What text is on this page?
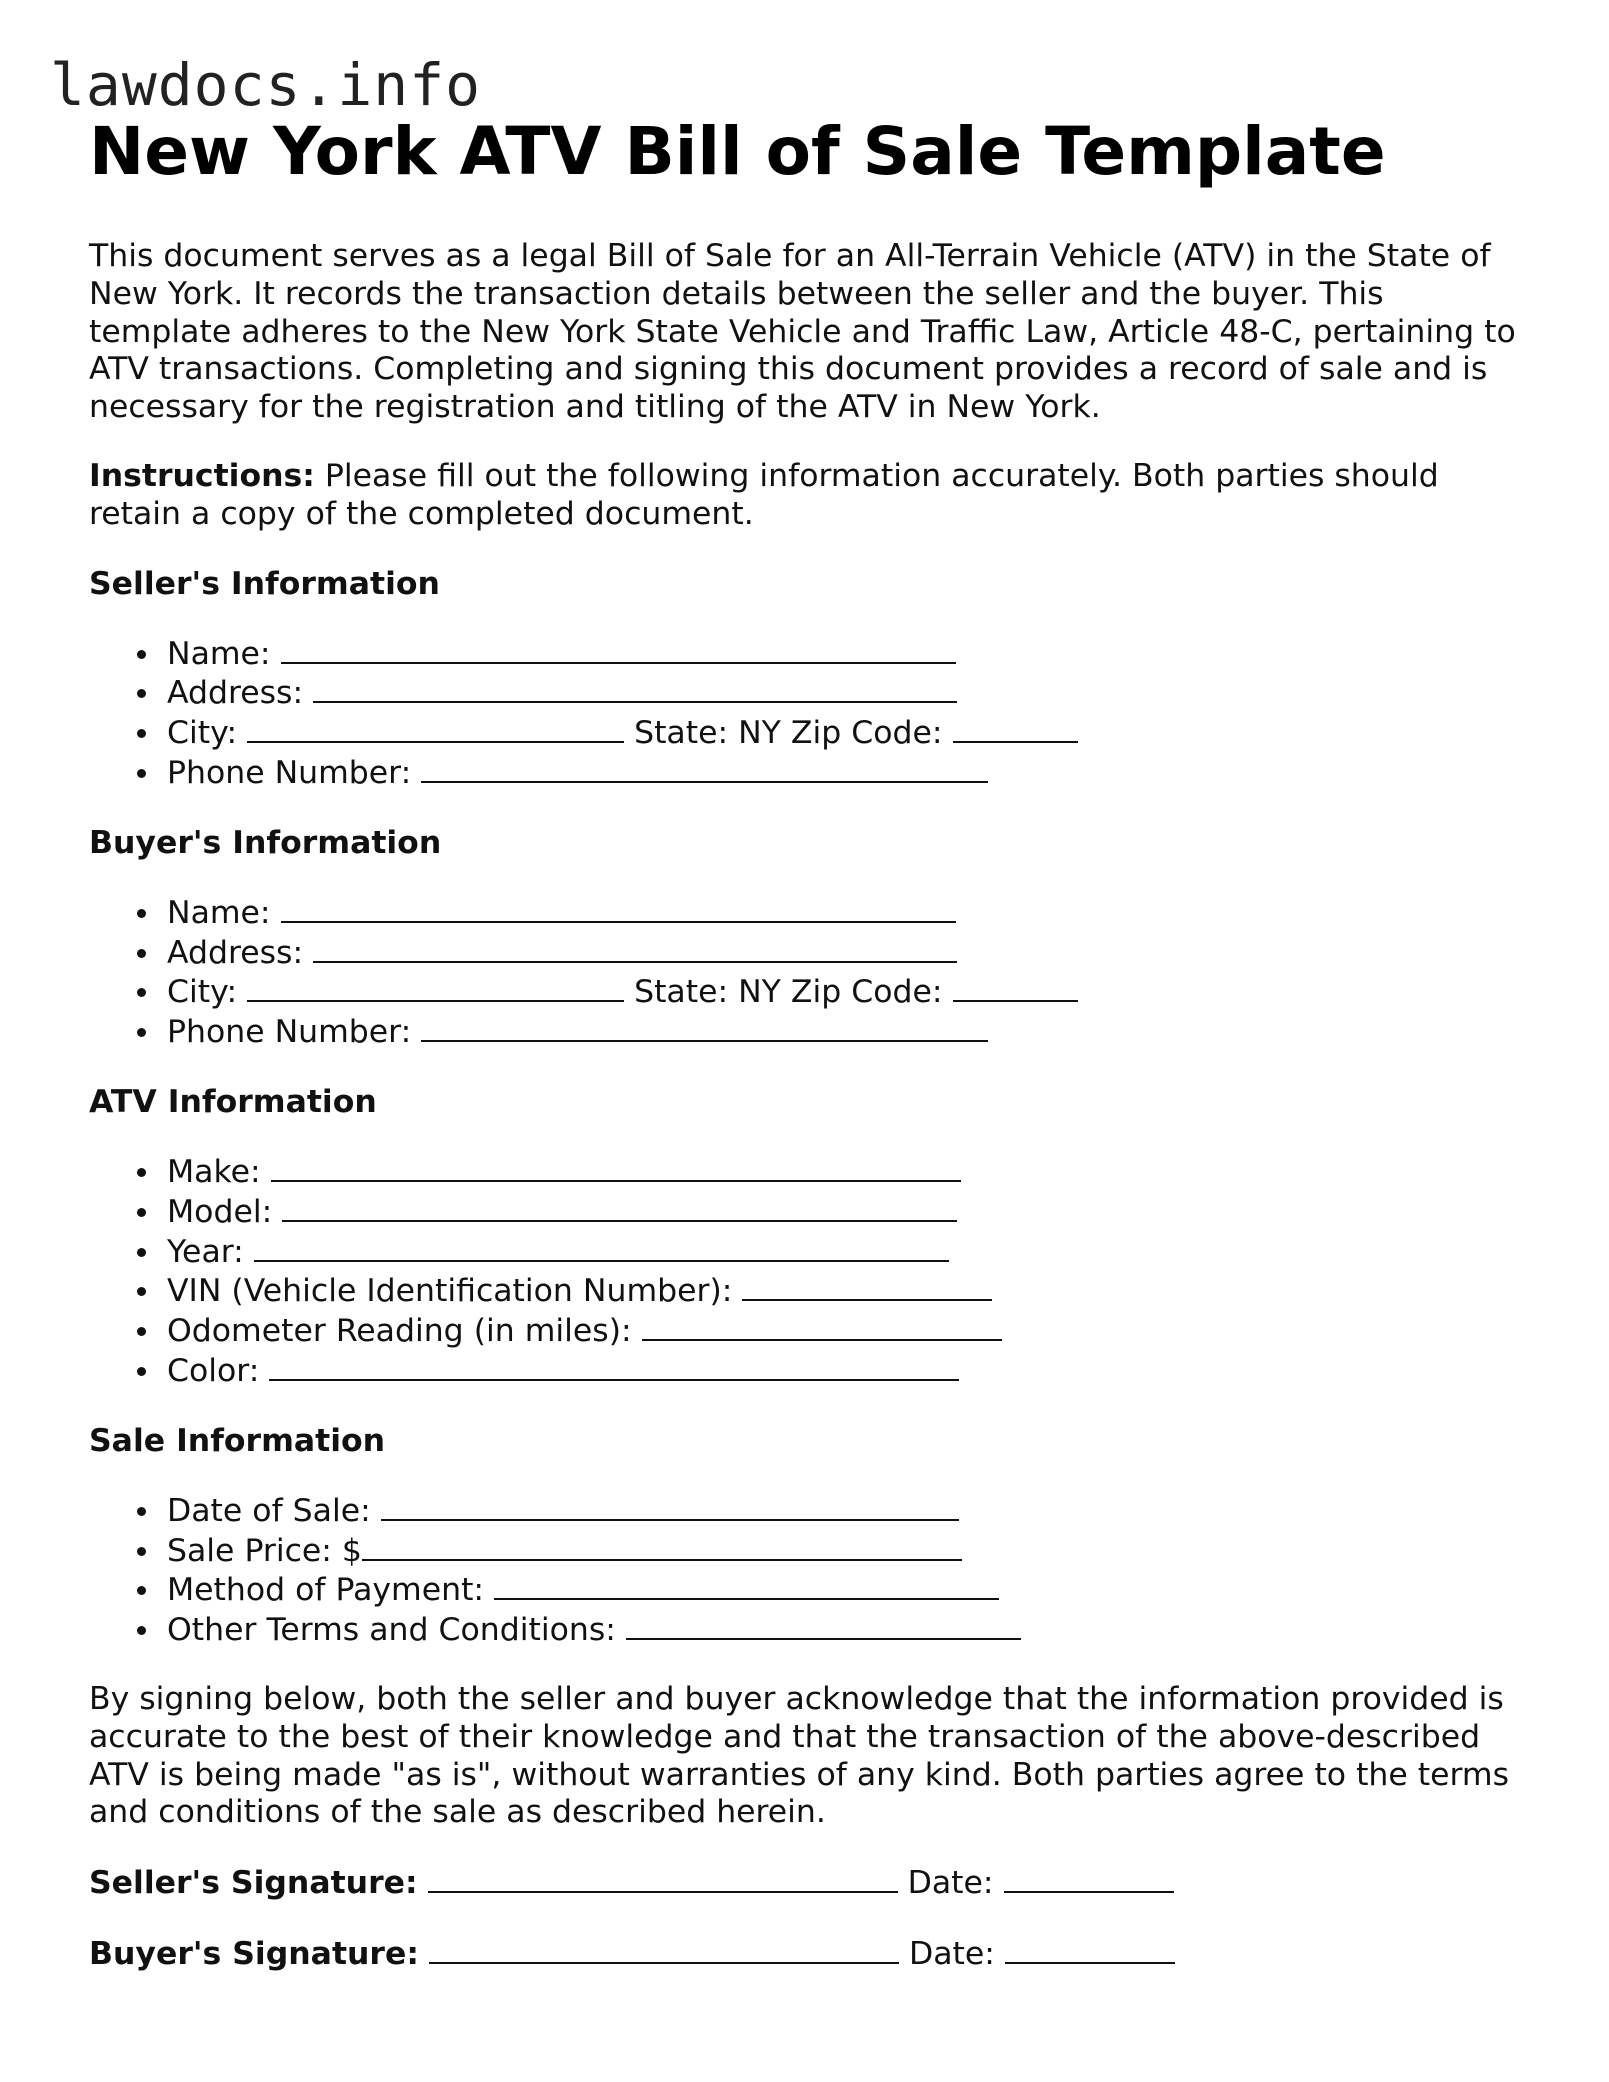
lawdocs.info
New York ATV Bill of Sale Template

This document serves as a legal Bill of Sale for an All-Terrain Vehicle (ATV) in the State of New York. It records the transaction details between the seller and the buyer. This template adheres to the New York State Vehicle and Traffic Law, Article 48-C, pertaining to ATV transactions. Completing and signing this document provides a record of sale and is necessary for the registration and titling of the ATV in New York.

Instructions: Please fill out the following information accurately. Both parties should retain a copy of the completed document.

Seller's Information
Name:
Address:
City:	State: NY Zip Code:
Phone Number:
Buyer's Information
Name:
Address:
City:	State: NY Zip Code:
Phone Number:
ATV Information
Make:
Model:
Year:
VIN (Vehicle Identification Number):
Odometer Reading (in miles):
Color:
Sale Information
Date of Sale:
Sale Price: $
Method of Payment:
Other Terms and Conditions:

By signing below, both the seller and buyer acknowledge that the information provided is accurate to the best of their knowledge and that the transaction of the above-described ATV is being made "as is", without warranties of any kind. Both parties agree to the terms and conditions of the sale as described herein.

Seller's Signature:	Date:
Buyer's Signature:	Date:
